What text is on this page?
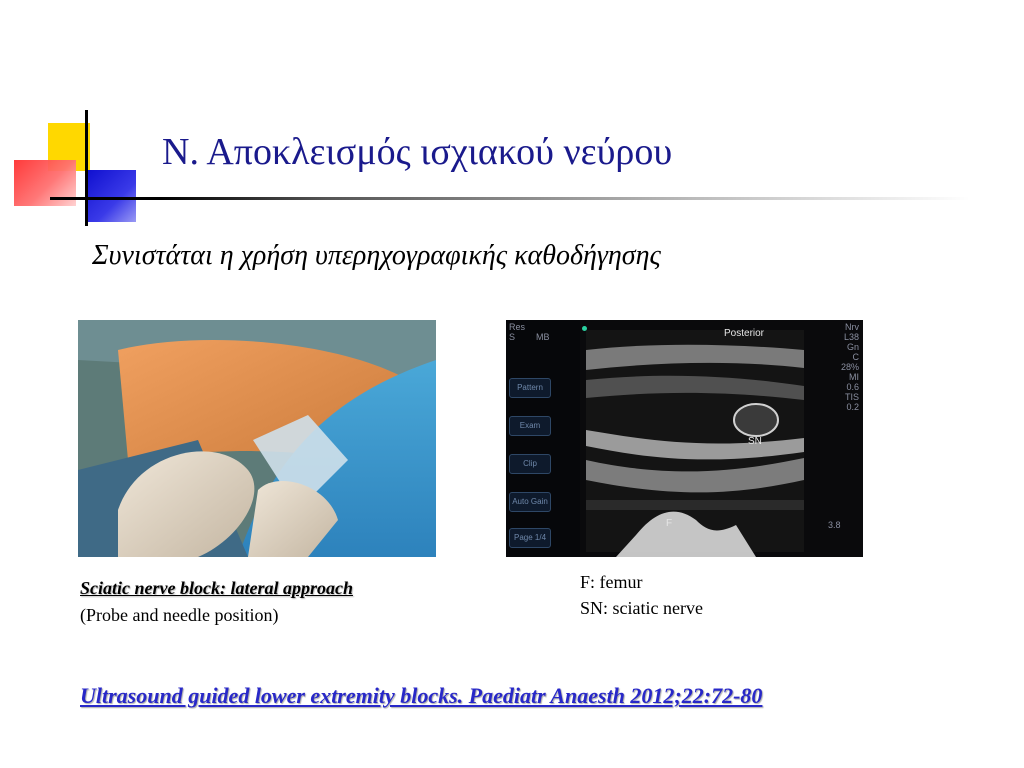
Ν. Αποκλεισμός ισχιακού νεύρου
Συνιστάται η χρήση υπερηχογραφικής καθοδήγησης
Res
S MB
Pattern
Exam
Clip
Auto Gain
Page 1/4
Posterior
SN
F	3.8
Nrv
L38
Gn
C
28%
MI
0.6
TIS
0.2
Sciatic nerve block: lateral approach
(Probe and needle position)
F: femur
SN: sciatic nerve
Ultrasound guided lower extremity blocks. Paediatr Anaesth 2012;22:72-80
